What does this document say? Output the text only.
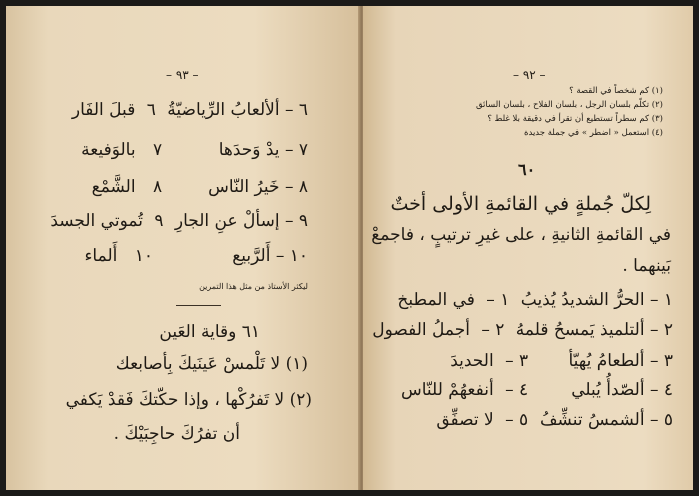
– ٩٣ –
٦ – ألألعابُ الرِّياضيّةُ ٦ قبلَ الفَار
٧ – يدْ وَحدَها ٧ بالوَفيعة
٨ – خَيرُ النّاس ٨ الشَّمْع
٩ – إسألْ عنِ الجارِ ٩ تُموتي الجسدَ
١٠ – أَلرَّبيع ١٠ أَلماء
ليكثر الأستاذ من مثل هذا التمرين
٦١ وقاية العَين
(١) لا تَلْمسْ عَينَيكَ بِأصابعك
(٢) لا تَفرُكْها ، وإذا حكّتكَ فَقدْ يَكفي
أن تفرُكَ حاجِبَيْكَ .
– ٩٢ –
(١) كم شخصاً في القصة ؟
(٢) تكلّم بلسان الرجل ، بلسان الفلاح ، بلسان السائق
(٣) كم سطراً تستطيع أن تقرأ في دقيقة بلا غلط ؟
(٤) استعمل « اضطر » في جملة جديدة
٦٠
لِكلّ جُملةٍ في القائمةِ الأولى أختٌ
في القائمةِ الثانيةِ ، على غيرِ ترتيبٍ ، فاجمعْ
بَينهما .
١ – الحرُّ الشديدُ يُذيبُ ١ – في المطبخ
٢ – ألتلميذ يَمسحُ قلمهُ ٢ – أجملُ الفصول
٣ – ألطعامُ يُهيّأ ٣ – الحديدَ
٤ – ألصّدأُ يُبلي ٤ – أنفعهُمْ للنّاس
٥ – ألشمسُ تنشِّفُ ٥ – لا تصفِّق
